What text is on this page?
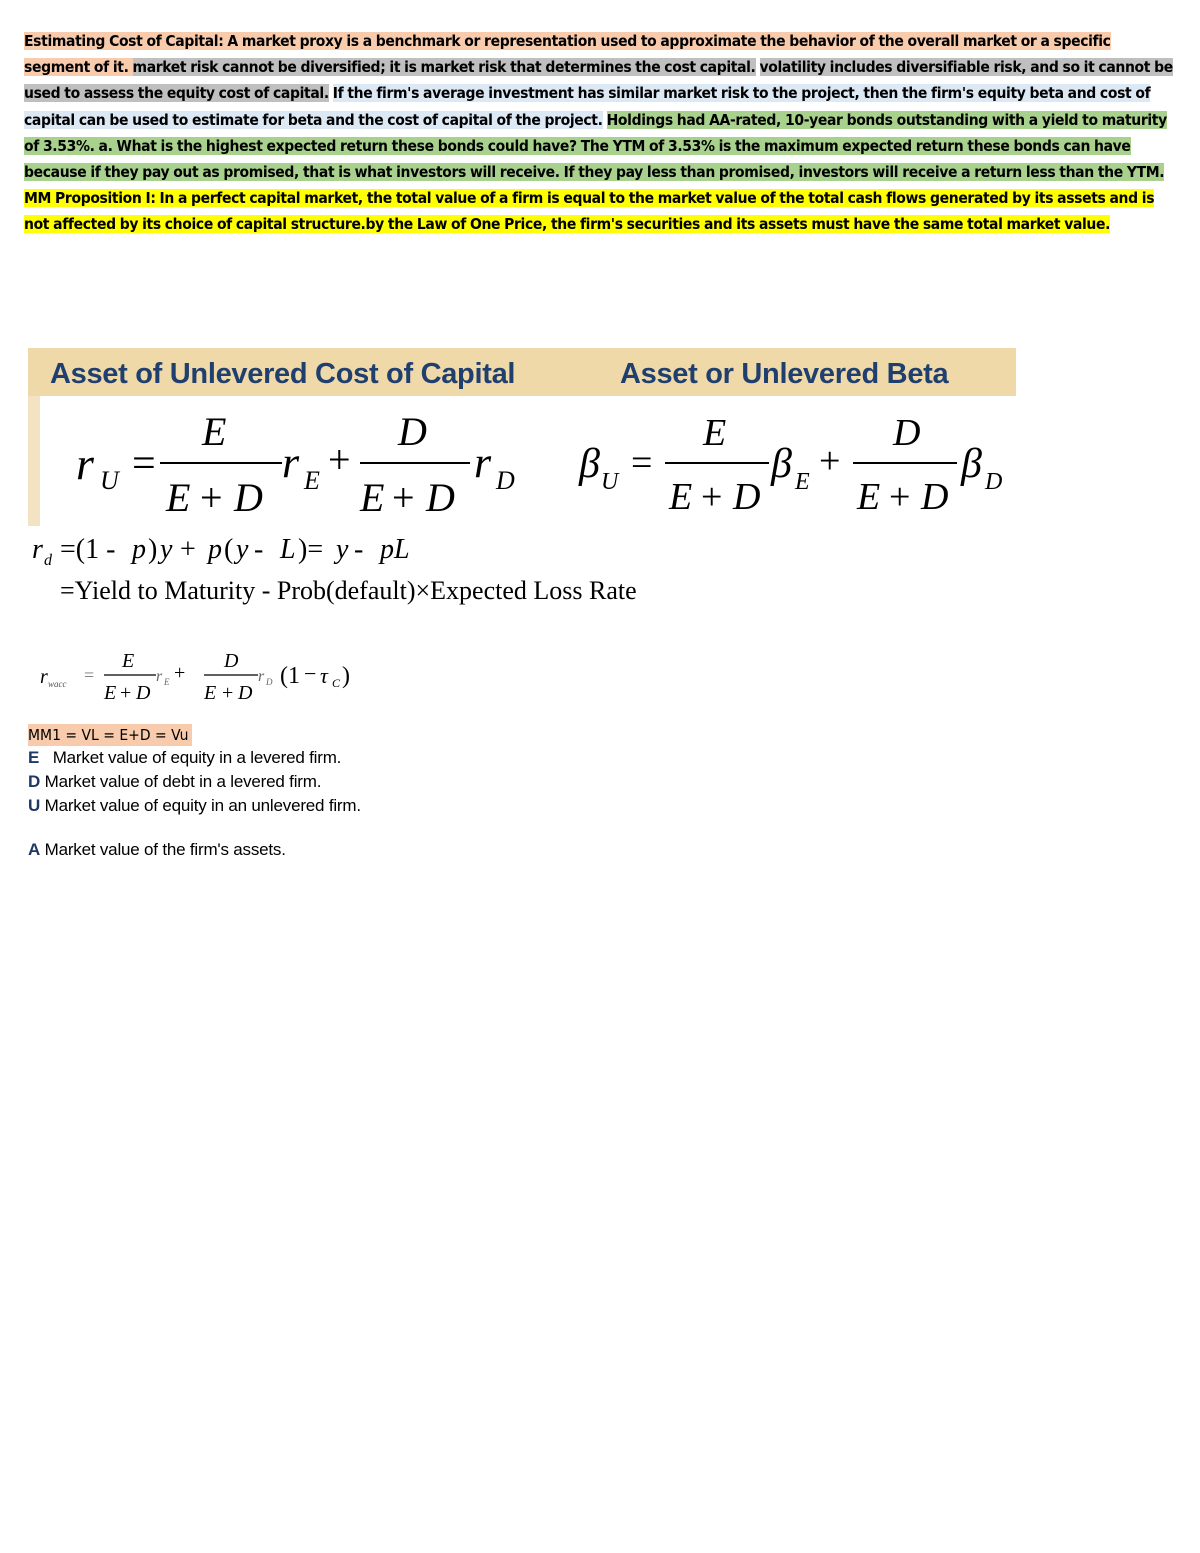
Estimating Cost of Capital: A market proxy is a benchmark or representation used to approximate the behavior of the overall market or a specific segment of it. market risk cannot be diversified; it is market risk that determines the cost capital. volatility includes diversifiable risk, and so it cannot be used to assess the equity cost of capital. If the firm's average investment has similar market risk to the project, then the firm's equity beta and cost of capital can be used to estimate for beta and the cost of capital of the project. Holdings had AA-rated, 10-year bonds outstanding with a yield to maturity of 3.53%. a. What is the highest expected return these bonds could have? The YTM of 3.53% is the maximum expected return these bonds can have because if they pay out as promised, that is what investors will receive. If they pay less than promised, investors will receive a return less than the YTM. MM Proposition I: In a perfect capital market, the total value of a firm is equal to the market value of the total cash flows generated by its assets and is not affected by its choice of capital structure.by the Law of One Price, the firm's securities and its assets must have the same total market value.
Asset of Unlevered Cost of Capital	Asset or Unlevered Beta
r U =
E
E + D
r E +
D
E + D
r D β U =
E
E + D
β E +
D
E + D
β D
r d =(1 - p ) y + p ( y - L )= y - pL
=Yield to Maturity - Prob(default)×Expected Loss Rate
r wacc =
E
E + D
r E +
D
E + D
r D (1 − τ C )
MM1 = VL = E+D = Vu
E Market value of equity in a levered firm.
D Market value of debt in a levered firm.
U Market value of equity in an unlevered firm.
A Market value of the firm's assets.
